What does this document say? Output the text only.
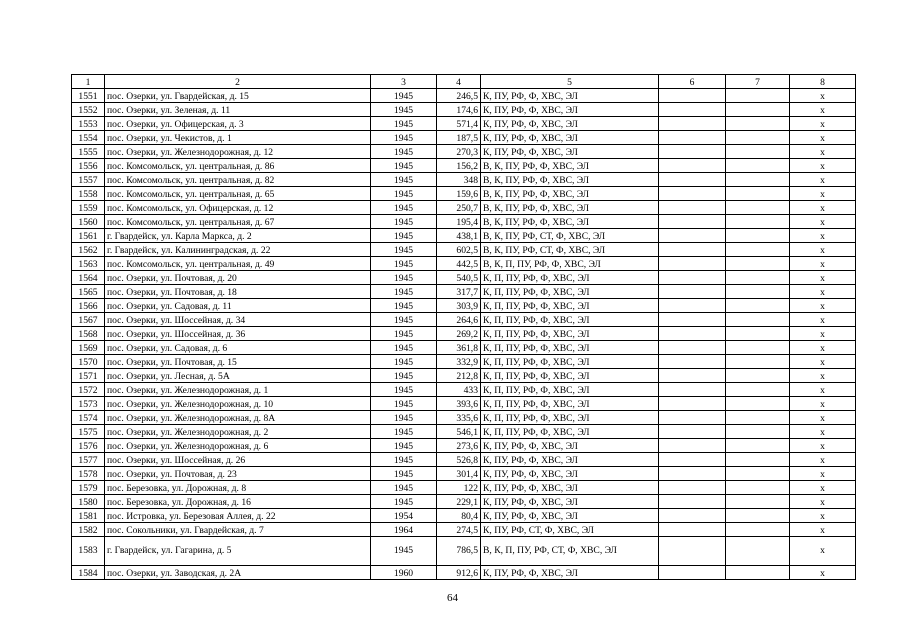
1	2	3	4	5	6	7	8
1551	пос. Озерки, ул. Гвардейская, д. 15	1945	246,5	К, ПУ, РФ, Ф, ХВС, ЭЛ			х
1552	пос. Озерки, ул. Зеленая, д. 11	1945	174,6	К, ПУ, РФ, Ф, ХВС, ЭЛ			х
1553	пос. Озерки, ул. Офицерская, д. 3	1945	571,4	К, ПУ, РФ, Ф, ХВС, ЭЛ			х
1554	пос. Озерки, ул. Чекистов, д. 1	1945	187,5	К, ПУ, РФ, Ф, ХВС, ЭЛ			х
1555	пос. Озерки, ул. Железнодорожная, д. 12	1945	270,3	К, ПУ, РФ, Ф, ХВС, ЭЛ			х
1556	пос. Комсомольск, ул. центральная, д. 86	1945	156,2	В, К, ПУ, РФ, Ф, ХВС, ЭЛ			х
1557	пос. Комсомольск, ул. центральная, д. 82	1945	348	В, К, ПУ, РФ, Ф, ХВС, ЭЛ			х
1558	пос. Комсомольск, ул. центральная, д. 65	1945	159,6	В, К, ПУ, РФ, Ф, ХВС, ЭЛ			х
1559	пос. Комсомольск, ул. Офицерская, д. 12	1945	250,7	В, К, ПУ, РФ, Ф, ХВС, ЭЛ			х
1560	пос. Комсомольск, ул. центральная, д. 67	1945	195,4	В, К, ПУ, РФ, Ф, ХВС, ЭЛ			х
1561	г. Гвардейск, ул. Карла Маркса, д. 2	1945	438,1	В, К, ПУ, РФ, СТ, Ф, ХВС, ЭЛ			х
1562	г. Гвардейск, ул. Калининградская, д. 22	1945	602,5	В, К, ПУ, РФ, СТ, Ф, ХВС, ЭЛ			х
1563	пос. Комсомольск, ул. центральная, д. 49	1945	442,5	В, К, П, ПУ, РФ, Ф, ХВС, ЭЛ			х
1564	пос. Озерки, ул. Почтовая, д. 20	1945	540,5	К, П, ПУ, РФ, Ф, ХВС, ЭЛ			х
1565	пос. Озерки, ул. Почтовая, д. 18	1945	317,7	К, П, ПУ, РФ, Ф, ХВС, ЭЛ			х
1566	пос. Озерки, ул. Садовая, д. 11	1945	303,9	К, П, ПУ, РФ, Ф, ХВС, ЭЛ			х
1567	пос. Озерки, ул. Шоссейная, д. 34	1945	264,6	К, П, ПУ, РФ, Ф, ХВС, ЭЛ			х
1568	пос. Озерки, ул. Шоссейная, д. 36	1945	269,2	К, П, ПУ, РФ, Ф, ХВС, ЭЛ			х
1569	пос. Озерки, ул. Садовая, д. 6	1945	361,8	К, П, ПУ, РФ, Ф, ХВС, ЭЛ			х
1570	пос. Озерки, ул. Почтовая, д. 15	1945	332,9	К, П, ПУ, РФ, Ф, ХВС, ЭЛ			х
1571	пос. Озерки, ул. Лесная, д. 5А	1945	212,8	К, П, ПУ, РФ, Ф, ХВС, ЭЛ			х
1572	пос. Озерки, ул. Железнодорожная, д. 1	1945	433	К, П, ПУ, РФ, Ф, ХВС, ЭЛ			х
1573	пос. Озерки, ул. Железнодорожная, д. 10	1945	393,6	К, П, ПУ, РФ, Ф, ХВС, ЭЛ			х
1574	пос. Озерки, ул. Железнодорожная, д. 8А	1945	335,6	К, П, ПУ, РФ, Ф, ХВС, ЭЛ			х
1575	пос. Озерки, ул. Железнодорожная, д. 2	1945	546,1	К, П, ПУ, РФ, Ф, ХВС, ЭЛ			х
1576	пос. Озерки, ул. Железнодорожная, д. 6	1945	273,6	К, ПУ, РФ, Ф, ХВС, ЭЛ			х
1577	пос. Озерки, ул. Шоссейная, д. 26	1945	526,8	К, ПУ, РФ, Ф, ХВС, ЭЛ			х
1578	пос. Озерки, ул. Почтовая, д. 23	1945	301,4	К, ПУ, РФ, Ф, ХВС, ЭЛ			х
1579	пос. Березовка, ул. Дорожная, д. 8	1945	122	К, ПУ, РФ, Ф, ХВС, ЭЛ			х
1580	пос. Березовка, ул. Дорожная, д. 16	1945	229,1	К, ПУ, РФ, Ф, ХВС, ЭЛ			х
1581	пос. Истровка, ул. Березовая Аллея, д. 22	1954	80,4	К, ПУ, РФ, Ф, ХВС, ЭЛ			х
1582	пос. Сокольники, ул. Гвардейская, д. 7	1964	274,5	К, ПУ, РФ, СТ, Ф, ХВС, ЭЛ			х
1583	г. Гвардейск, ул. Гагарина, д. 5	1945	786,5	В, К, П, ПУ, РФ, СТ, Ф, ХВС, ЭЛ			х
1584	пос. Озерки, ул. Заводская, д. 2А	1960	912,6	К, ПУ, РФ, Ф, ХВС, ЭЛ			х
64
